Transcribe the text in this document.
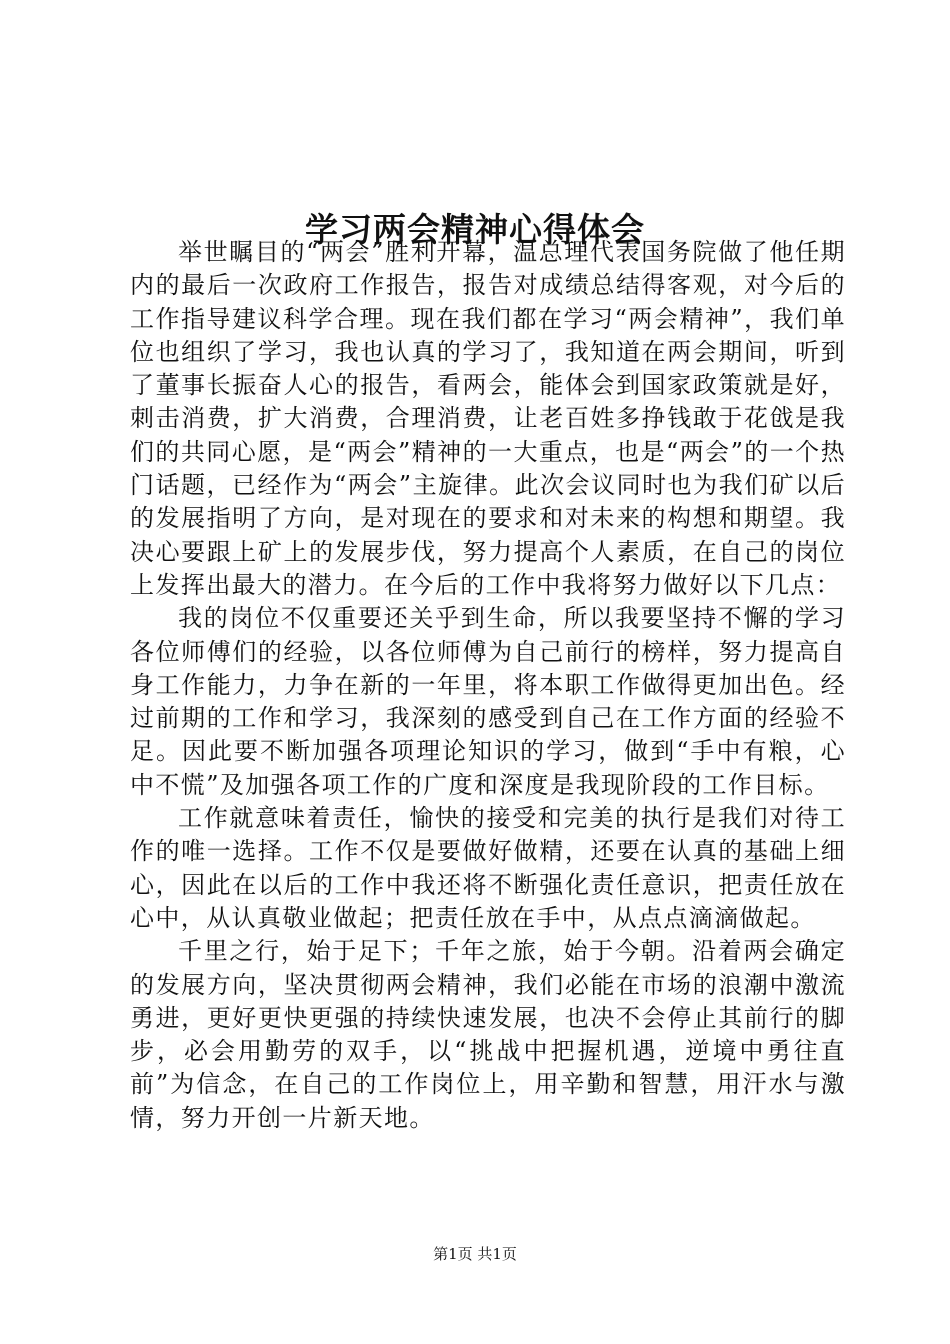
学习两会精神心得体会

举世瞩目的“两会”胜利开幕，温总理代表国务院做了他任期内的最后一次政府工作报告，报告对成绩总结得客观，对今后的工作指导建议科学合理。现在我们都在学习“两会精神”，我们单位也组织了学习，我也认真的学习了，我知道在两会期间，听到了董事长振奋人心的报告，看两会，能体会到国家政策就是好，刺击消费，扩大消费，合理消费，让老百姓多挣钱敢于花戗是我们的共同心愿，是“两会”精神的一大重点，也是“两会”的一个热门话题，已经作为“两会”主旋律。此次会议同时也为我们矿以后的发展指明了方向，是对现在的要求和对未来的构想和期望。我决心要跟上矿上的发展步伐，努力提高个人素质，在自己的岗位上发挥出最大的潜力。在今后的工作中我将努力做好以下几点：

我的岗位不仅重要还关乎到生命，所以我要坚持不懈的学习各位师傅们的经验，以各位师傅为自己前行的榜样，努力提高自身工作能力，力争在新的一年里，将本职工作做得更加出色。经过前期的工作和学习，我深刻的感受到自己在工作方面的经验不足。因此要不断加强各项理论知识的学习，做到“手中有粮，心中不慌”及加强各项工作的广度和深度是我现阶段的工作目标。

工作就意味着责任，愉快的接受和完美的执行是我们对待工作的唯一选择。工作不仅是要做好做精，还要在认真的基础上细心，因此在以后的工作中我还将不断强化责任意识，把责任放在心中，从认真敬业做起；把责任放在手中，从点点滴滴做起。

千里之行，始于足下；千年之旅，始于今朝。沿着两会确定的发展方向，坚决贯彻两会精神，我们必能在市场的浪潮中激流勇进，更好更快更强的持续快速发展，也决不会停止其前行的脚步，必会用勤劳的双手，以“挑战中把握机遇，逆境中勇往直前”为信念，在自己的工作岗位上，用辛勤和智慧，用汗水与激情，努力开创一片新天地。

第1页 共1页
